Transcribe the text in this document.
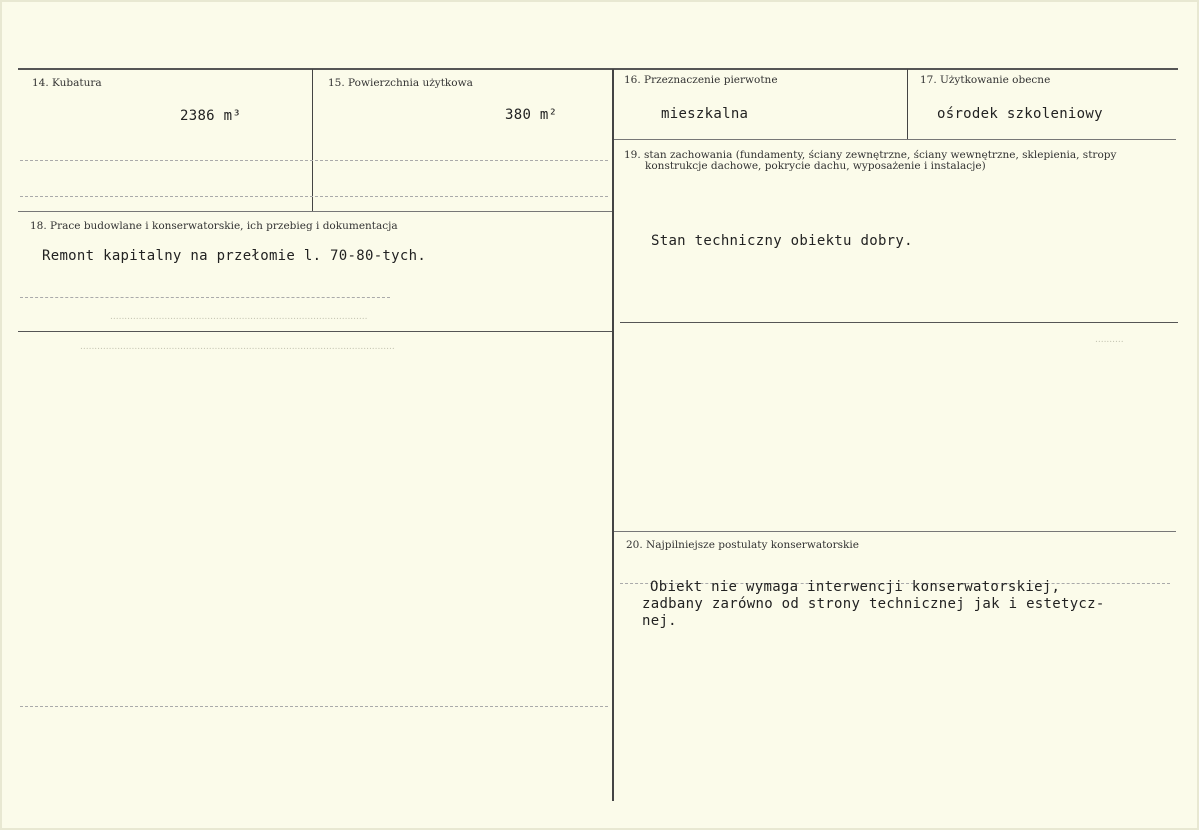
..........................................................................................
..............................................................................................................
..........
14. Kubatura
2386 m³
15. Powierzchnia użytkowa
380 m²
16. Przeznaczenie pierwotne
mieszkalna
17. Użytkowanie obecne
ośrodek szkoleniowy
18. Prace budowlane i konserwatorskie, ich przebieg i dokumentacja
Remont kapitalny na przełomie l. 70-80-tych.
19. stan zachowania (fundamenty, ściany zewnętrzne, ściany wewnętrzne, sklepienia, stropy
konstrukcje dachowe, pokrycie dachu, wyposażenie i instalacje)
Stan techniczny obiektu dobry.
20. Najpilniejsze postulaty konserwatorskie
Obiekt nie wymaga interwencji konserwatorskiej,
zadbany zarówno od strony technicznej jak i estetycz-
nej.
